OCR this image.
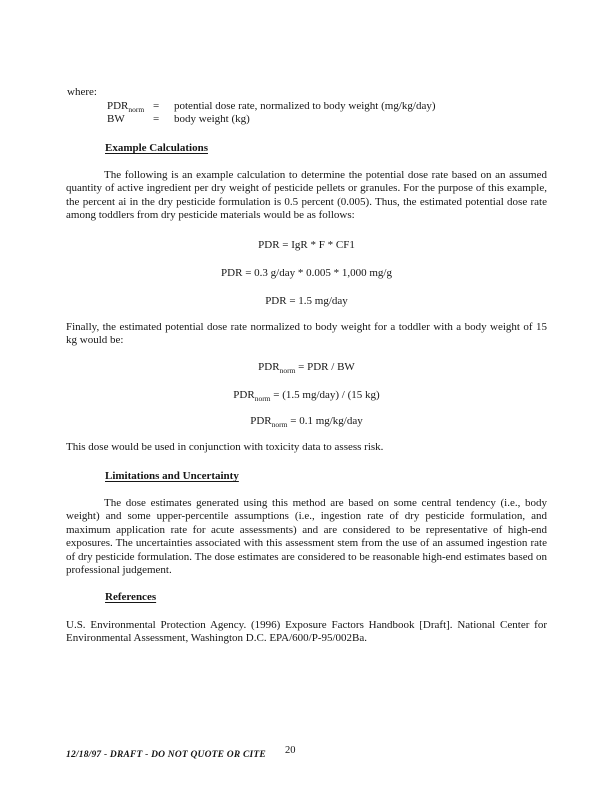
where:
$PDR_{norm}$ =	potential dose rate, normalized to body weight (mg/kg/day)
BW	=	body weight (kg)
Example Calculations
The following is an example calculation to determine the potential dose rate based on an assumed quantity of active ingredient per dry weight of pesticide pellets or granules. For the purpose of this example, the percent ai in the dry pesticide formulation is 0.5 percent (0.005). Thus, the estimated potential dose rate among toddlers from dry pesticide materials would be as follows:
PDR = IgR * F * CF1
PDR = 0.3 g/day * 0.005 * 1,000 mg/g
PDR = 1.5 mg/day
Finally, the estimated potential dose rate normalized to body weight for a toddler with a body weight of 15 kg would be:
$PDR_{norm}$ = PDR / BW
$PDR_{norm} = (1.5$ mg/day) / (15 kg)
$PDR_{norm} = 0.1$ mg/kg/day
This dose would be used in conjunction with toxicity data to assess risk.
Limitations and Uncertainty
The dose estimates generated using this method are based on some central tendency (i.e., body weight) and some upper-percentile assumptions (i.e., ingestion rate of dry pesticide formulation, and maximum application rate for acute assessments) and are considered to be representative of high-end exposures. The uncertainties associated with this assessment stem from the use of an assumed ingestion rate of dry pesticide formulation. The dose estimates are considered to be reasonable high-end estimates based on professional judgement.
References
U.S. Environmental Protection Agency. (1996) Exposure Factors Handbook [Draft]. National Center for Environmental Assessment, Washington D.C. EPA/600/P-95/002Ba.
12/18/97 - DRAFT - DO NOT QUOTE OR CITE 20
